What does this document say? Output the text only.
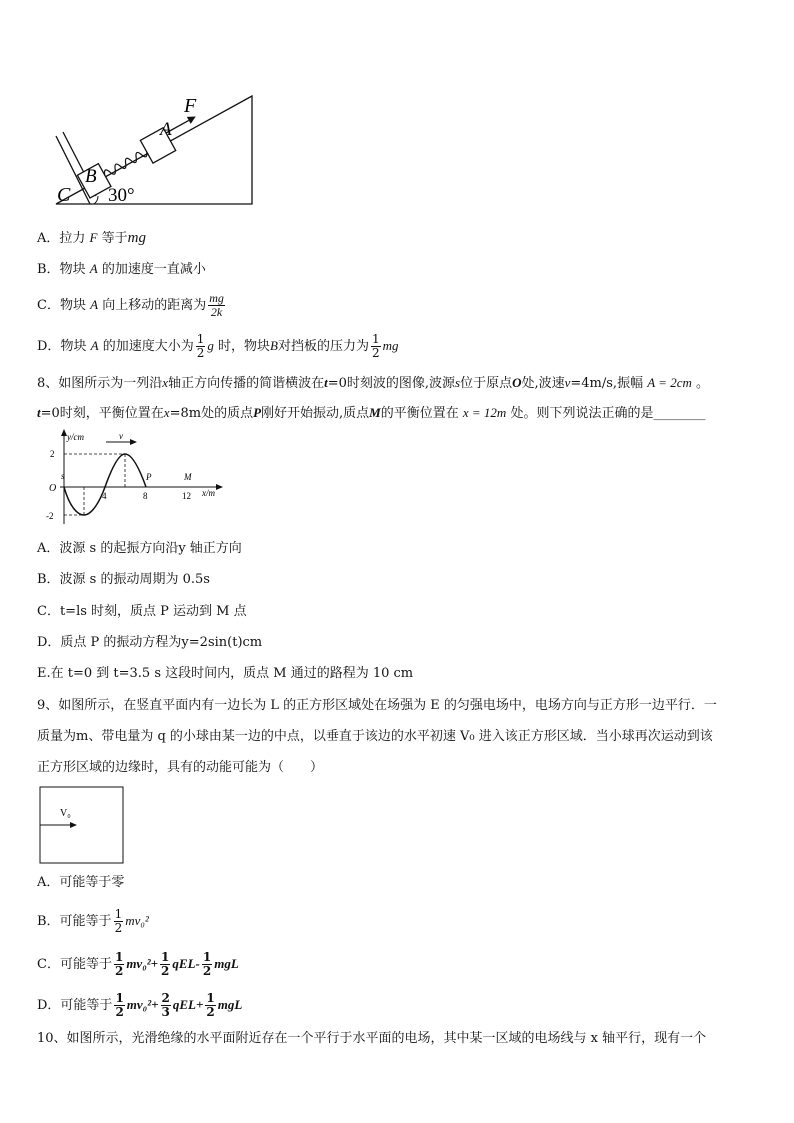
F
A
B
C 30°
A．拉力 F 等于mg
B．物块 A 的加速度一直减小
C．物块 A 向上移动的距离为 $\frac{mg}{2k}$
D．物块 A 的加速度大小为 $\frac{1}{2}$ g 时，物块B对挡板的压力为 $\frac{1}{2}$ mg
8、如图所示为一列沿x轴正方向传播的简谐横波在t=0时刻波的图像,波源s位于原点O处,波速v=4m/s,振幅 A = 2cm 。
t=0时刻，平衡位置在x=8m处的质点P刚好开始振动,质点M的平衡位置在 x = 12m 处。则下列说法正确的是________
y/cm	v
2
-2
s
O
4	8	12
P	M
x/m
A．波源 s 的起振方向沿y 轴正方向
B．波源 s 的振动周期为 0.5s
C．t=ls 时刻，质点 P 运动到 M 点
D．质点 P 的振动方程为y=2sin(t)cm
E.在 t=0 到 t=3.5 s 这段时间内，质点 M 通过的路程为 10 cm
9、如图所示，在竖直平面内有一边长为 L 的正方形区域处在场强为 E 的匀强电场中，电场方向与正方形一边平行．一
质量为m、带电量为 q 的小球由某一边的中点，以垂直于该边的水平初速 V₀ 进入该正方形区域．当小球再次运动到该
正方形区域的边缘时，具有的动能可能为（　　）
V₀
A．可能等于零
B．可能等于 $\frac{1}{2} mv_0^2$
C．可能等于 $\frac{1}{2} mv_0^2+ \frac{1}{2} qEL- \frac{1}{2}$ mgL
D．可能等于 $\frac{1}{2} mv_0^2+ \frac{2}{3} qEL+ \frac{1}{2}$ mgL
10、如图所示，光滑绝缘的水平面附近存在一个平行于水平面的电场，其中某一区域的电场线与 x 轴平行，现有一个
